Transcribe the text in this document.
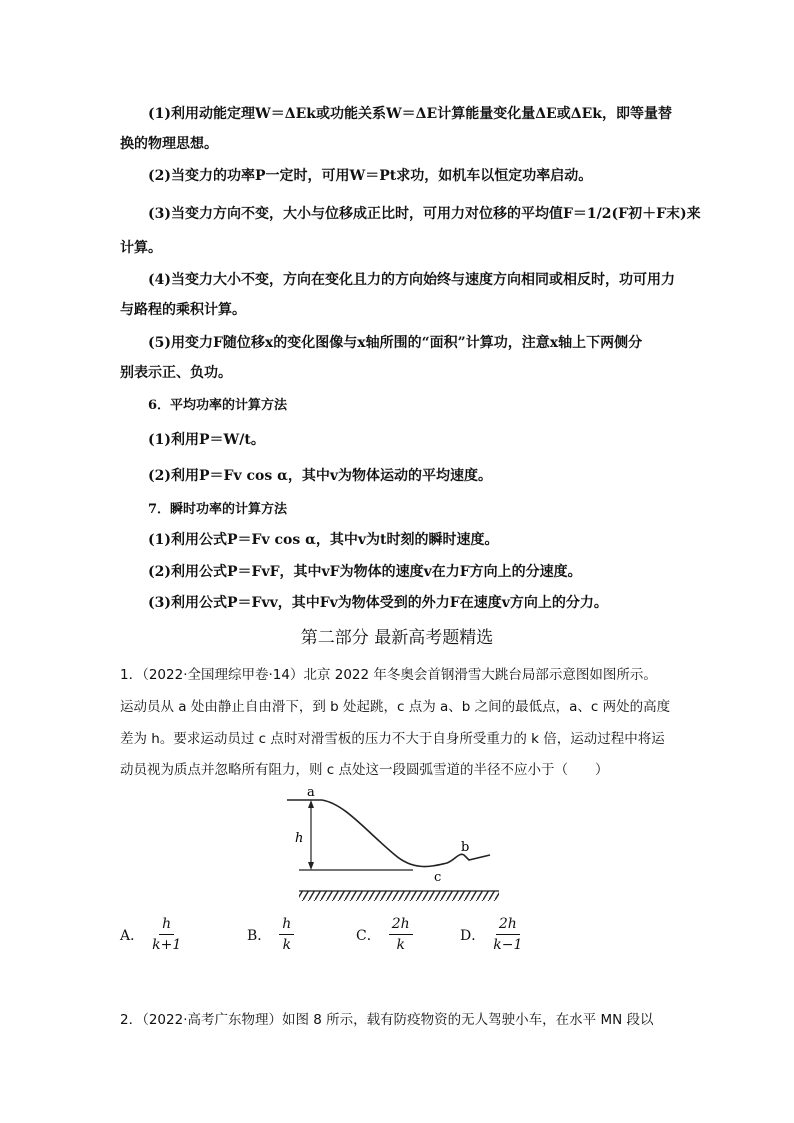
(1)利用动能定理W＝ΔEk或功能关系W＝ΔE计算能量变化量ΔE或ΔEk，即等量替
换的物理思想。
(2)当变力的功率P一定时，可用W＝Pt求功，如机车以恒定功率启动。
(3)当变力方向不变，大小与位移成正比时，可用力对位移的平均值F＝1/2(F初＋F末)来
计算。
(4)当变力大小不变，方向在变化且力的方向始终与速度方向相同或相反时，功可用力
与路程的乘积计算。
(5)用变力F随位移x的变化图像与x轴所围的“面积”计算功，注意x轴上下两侧分
别表示正、负功。
6．平均功率的计算方法
(1)利用P＝W/t。
(2)利用P＝Fv cos α，其中v为物体运动的平均速度。
7．瞬时功率的计算方法
(1)利用公式P＝Fv cos α，其中v为t时刻的瞬时速度。
(2)利用公式P＝FvF，其中vF为物体的速度v在力F方向上的分速度。
(3)利用公式P＝Fvv，其中Fv为物体受到的外力F在速度v方向上的分力。
第二部分 最新高考题精选
1．（2022·全国理综甲卷·14）北京 2022 年冬奥会首钢滑雪大跳台局部示意图如图所示。
运动员从 a 处由静止自由滑下，到 b 处起跳，c 点为 a、b 之间的最低点，a、c 两处的高度
差为 h。要求运动员过 c 点时对滑雪板的压力不大于自身所受重力的 k 倍，运动过程中将运
动员视为质点并忽略所有阻力，则 c 点处这一段圆弧雪道的半径不应小于（　　）
a
h
b
c
A． $\frac{h}{k+1}$	B． $\frac{h}{k}$	C． $\frac{2h}{k}$	D． $\frac{2h}{k-1}$
2．（2022·高考广东物理）如图 8 所示，载有防疫物资的无人驾驶小车，在水平 MN 段以
